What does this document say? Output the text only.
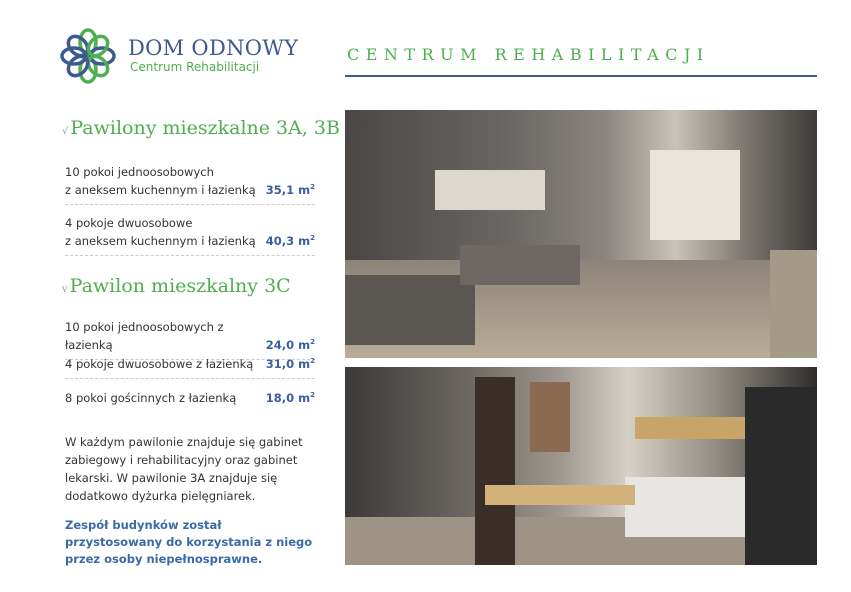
DOM ODNOWY
Centrum Rehabilitacji
CENTRUM REHABILITACJI
√ Pawilony mieszkalne 3A, 3B
10 pokoi jednoosobowych
z aneksem kuchennym i łazienką 35,1 $m^2$
4 pokoje dwuosobowe
z aneksem kuchennym i łazienką 40,3 $m^2$
v Pawilon mieszkalny 3C
10 pokoi jednoosobowych z łazienką	24,0 $m^2$
4 pokoje dwuosobowe z łazienką 31,0 $m^2$
8 pokoi gościnnych z łazienką	18,0 $m^2$
W każdym pawilonie znajduje się gabinet zabiegowy i rehabilitacyjny oraz gabinet lekarski. W pawilonie 3A znajduje się dodatkowo dyżurka pielęgniarek.
Zespół budynków został przystosowany do korzystania z niego przez osoby niepełnosprawne.
